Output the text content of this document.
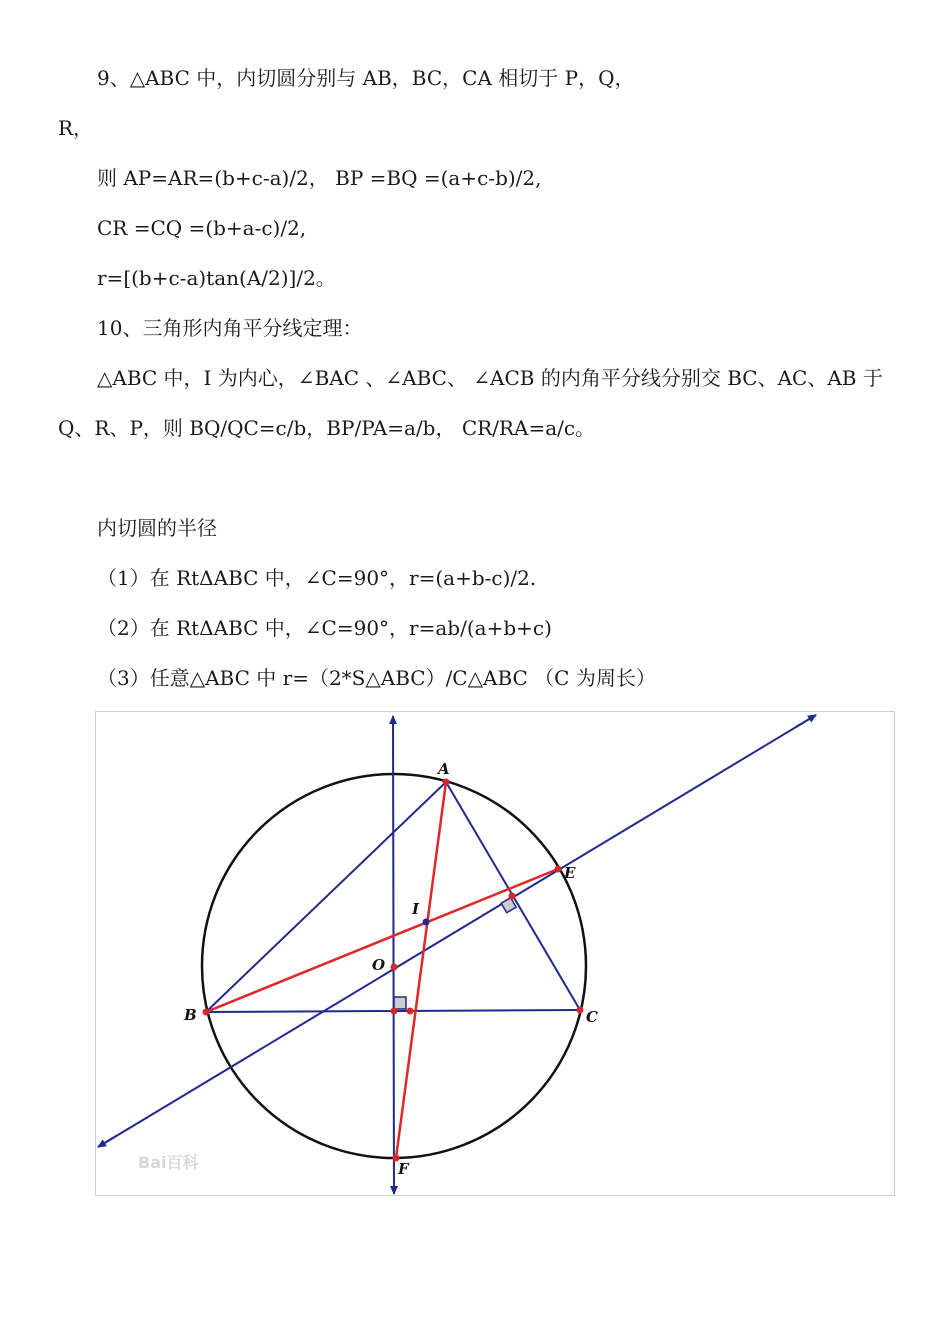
9、△ABC 中，内切圆分别与 AB，BC，CA 相切于 P，Q，
R，
则 AP=AR=(b+c-a)/2， BP =BQ =(a+c-b)/2,
CR =CQ =(b+a-c)/2,
r=[(b+c-a)tan(A/2)]/2。
10、三角形内角平分线定理：
△ABC 中，I 为内心，∠BAC 、∠ABC、 ∠ACB 的内角平分线分别交 BC、AC、AB 于
Q、R、P，则 BQ/QC=c/b，BP/PA=a/b， CR/RA=a/c。
内切圆的半径
（1）在 RtΔABC 中，∠C=90°，r=(a+b-c)/2.
（2）在 RtΔABC 中，∠C=90°，r=ab/(a+b+c)
（3）任意△ABC 中 r=（2*S△ABC）/C△ABC （C 为周长）
A
B	C
E
I
O
F
Bai百科
